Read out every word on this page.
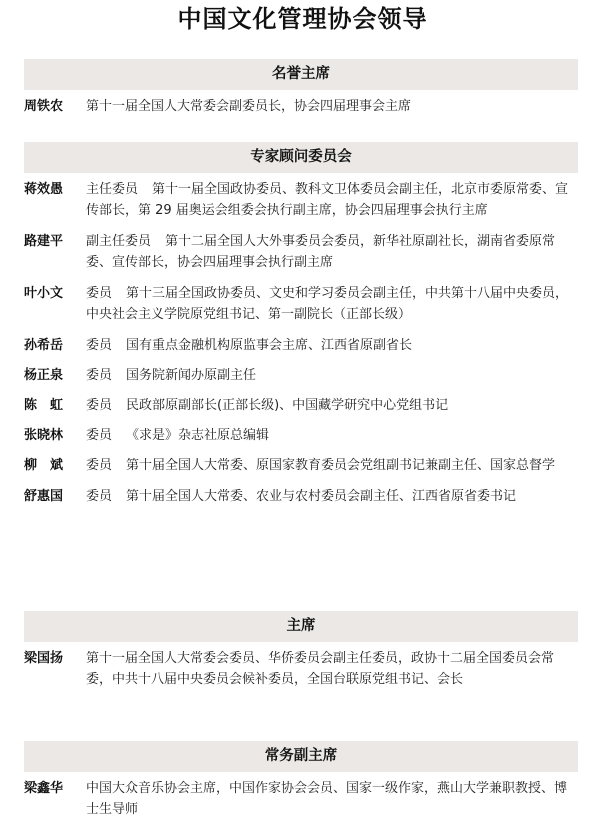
中国文化管理协会领导
名誉主席
周铁农	第十一届全国人大常委会副委员长，协会四届理事会主席
专家顾问委员会
蒋效愚	主任委员 第十一届全国政协委员、教科文卫体委员会副主任，北京市委原常委、宣传部长，第 29 届奥运会组委会执行副主席，协会四届理事会执行主席
路建平	副主任委员 第十二届全国人大外事委员会委员，新华社原副社长，湖南省委原常委、宣传部长，协会四届理事会执行副主席
叶小文	委员 第十三届全国政协委员、文史和学习委员会副主任，中共第十八届中央委员，中央社会主义学院原党组书记、第一副院长（正部长级）
孙希岳	委员 国有重点金融机构原监事会主席、江西省原副省长
杨正泉	委员 国务院新闻办原副主任
陈　虹	委员 民政部原副部长(正部长级)、中国藏学研究中心党组书记
张晓林	委员 《求是》杂志社原总编辑
柳　斌	委员 第十届全国人大常委、原国家教育委员会党组副书记兼副主任、国家总督学
舒惠国	委员 第十届全国人大常委、农业与农村委员会副主任、江西省原省委书记
主席
梁国扬	第十一届全国人大常委会委员、华侨委员会副主任委员，政协十二届全国委员会常委，中共十八届中央委员会候补委员，全国台联原党组书记、会长
常务副主席
梁鑫华	中国大众音乐协会主席，中国作家协会会员、国家一级作家，燕山大学兼职教授、博士生导师
